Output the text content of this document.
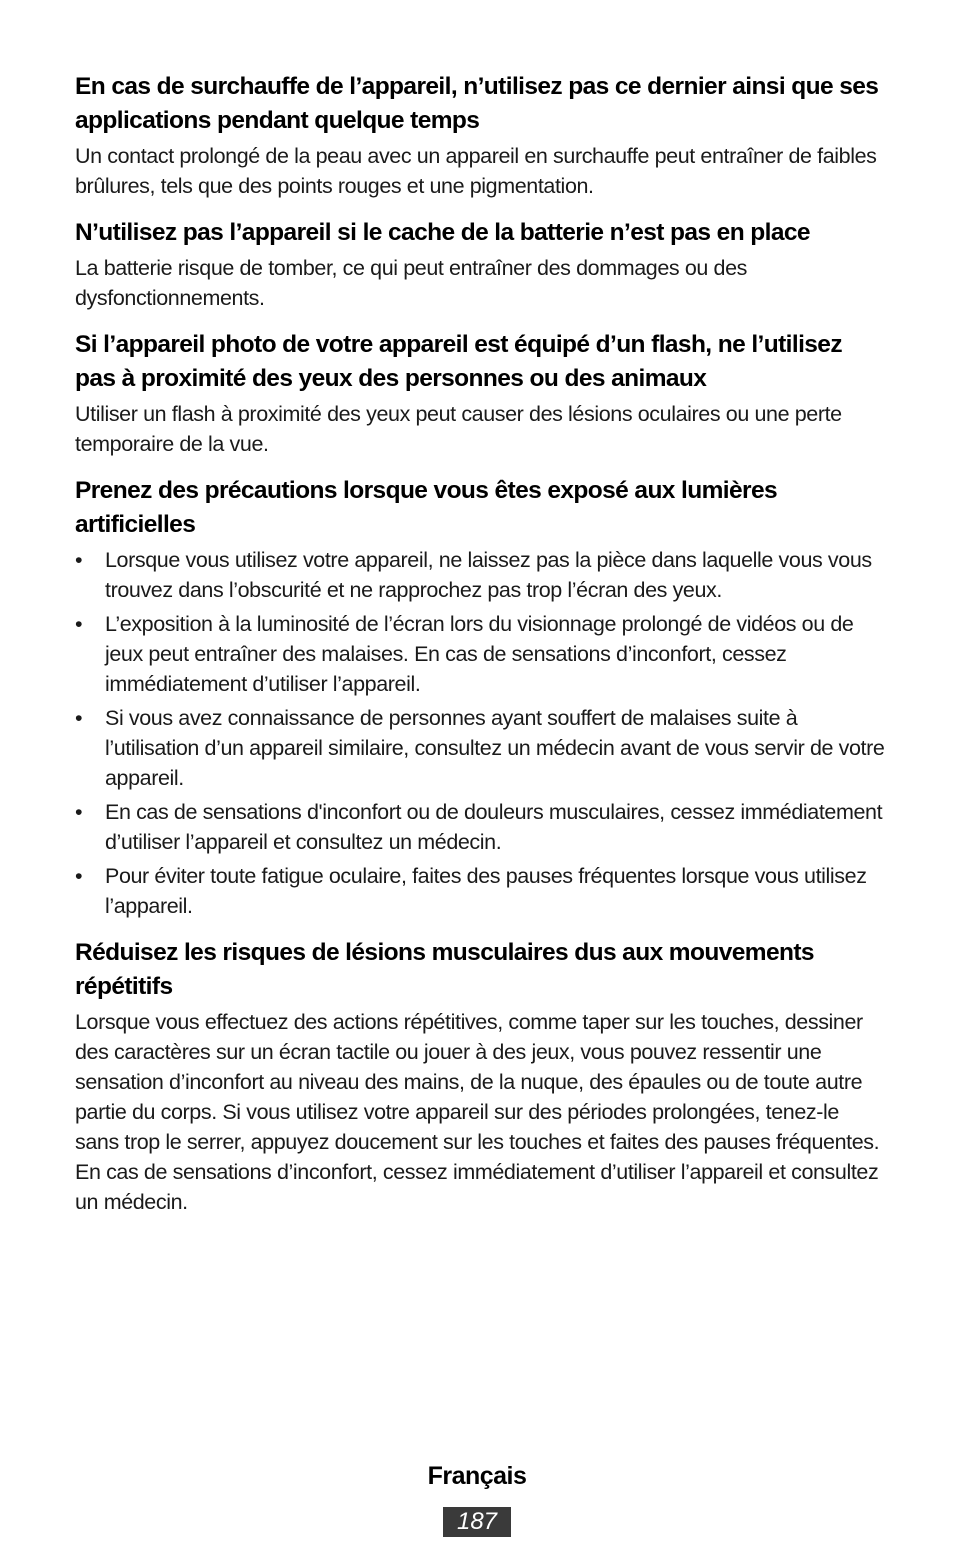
En cas de surchauffe de l’appareil, n’utilisez pas ce dernier ainsi que ses applications pendant quelque temps

Un contact prolongé de la peau avec un appareil en surchauffe peut entraîner de faibles brûlures, tels que des points rouges et une pigmentation.

N’utilisez pas l’appareil si le cache de la batterie n’est pas en place

La batterie risque de tomber, ce qui peut entraîner des dommages ou des dysfonctionnements.

Si l’appareil photo de votre appareil est équipé d’un flash, ne l’utilisez pas à proximité des yeux des personnes ou des animaux

Utiliser un flash à proximité des yeux peut causer des lésions oculaires ou une perte temporaire de la vue.

Prenez des précautions lorsque vous êtes exposé aux lumières artificielles

• Lorsque vous utilisez votre appareil, ne laissez pas la pièce dans laquelle vous vous trouvez dans l’obscurité et ne rapprochez pas trop l’écran des yeux.
• L’exposition à la luminosité de l’écran lors du visionnage prolongé de vidéos ou de jeux peut entraîner des malaises. En cas de sensations d’inconfort, cessez immédiatement d’utiliser l’appareil.
• Si vous avez connaissance de personnes ayant souffert de malaises suite à l’utilisation d’un appareil similaire, consultez un médecin avant de vous servir de votre appareil.
• En cas de sensations d'inconfort ou de douleurs musculaires, cessez immédiatement d’utiliser l’appareil et consultez un médecin.
• Pour éviter toute fatigue oculaire, faites des pauses fréquentes lorsque vous utilisez l’appareil.

Réduisez les risques de lésions musculaires dus aux mouvements répétitifs

Lorsque vous effectuez des actions répétitives, comme taper sur les touches, dessiner des caractères sur un écran tactile ou jouer à des jeux, vous pouvez ressentir une sensation d’inconfort au niveau des mains, de la nuque, des épaules ou de toute autre partie du corps. Si vous utilisez votre appareil sur des périodes prolongées, tenez-le sans trop le serrer, appuyez doucement sur les touches et faites des pauses fréquentes. En cas de sensations d’inconfort, cessez immédiatement d’utiliser l’appareil et consultez un médecin.

Français
187
